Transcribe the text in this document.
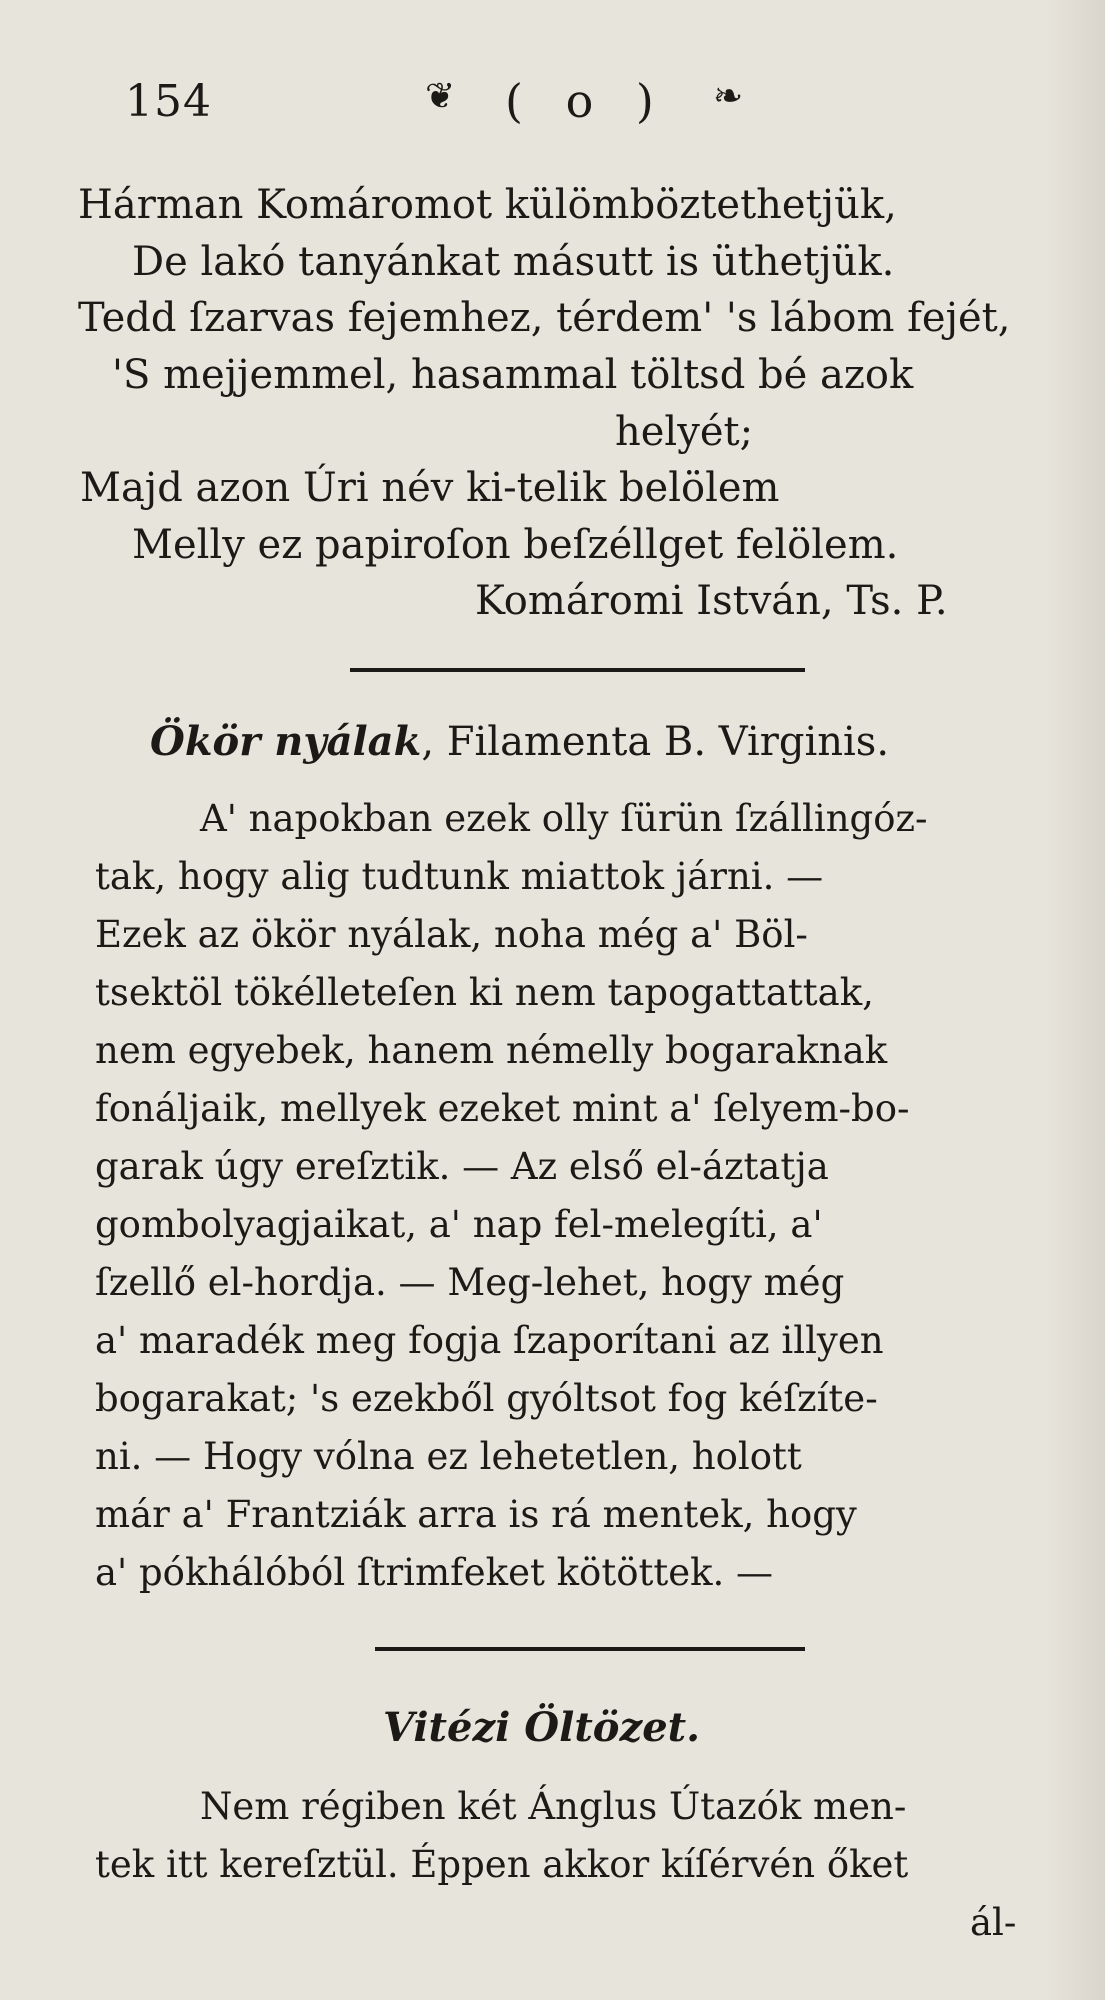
154	❦ ( o ) ❧
Hárman Komáromot külömböztethetjük,
De lakó tanyánkat másutt is üthetjük.
Tedd ſzarvas fejemhez, térdem' 's lábom fejét,
'S mejjemmel, hasammal töltsd bé azok
helyét;
Majd azon Úri név ki-telik belölem
Melly ez papiroſon beſzéllget felölem.
Komáromi István, Ts. P.
Ökör nyálak, Filamenta B. Virginis.
A' napokban ezek olly ſürün ſzállingóz-
tak, hogy alig tudtunk miattok járni. —
Ezek az ökör nyálak, noha még a' Böl-
tsektöl tökélleteſen ki nem tapogattattak,
nem egyebek, hanem némelly bogaraknak
fonáljaik, mellyek ezeket mint a' ſelyem-bo-
garak úgy ereſztik. — Az első el-áztatja
gombolyagjaikat, a' nap fel-melegíti, a'
ſzellő el-hordja. — Meg-lehet, hogy még
a' maradék meg fogja ſzaporítani az illyen
bogarakat; 's ezekből gyóltsot fog kéſzíte-
ni. — Hogy vólna ez lehetetlen, holott
már a' Frantziák arra is rá mentek, hogy
a' pókhálóból ſtrimfeket kötöttek. —
Vitézi Öltözet.
Nem régiben két Ánglus Útazók men-
tek itt kereſztül. Éppen akkor kíſérvén őket
ál-
